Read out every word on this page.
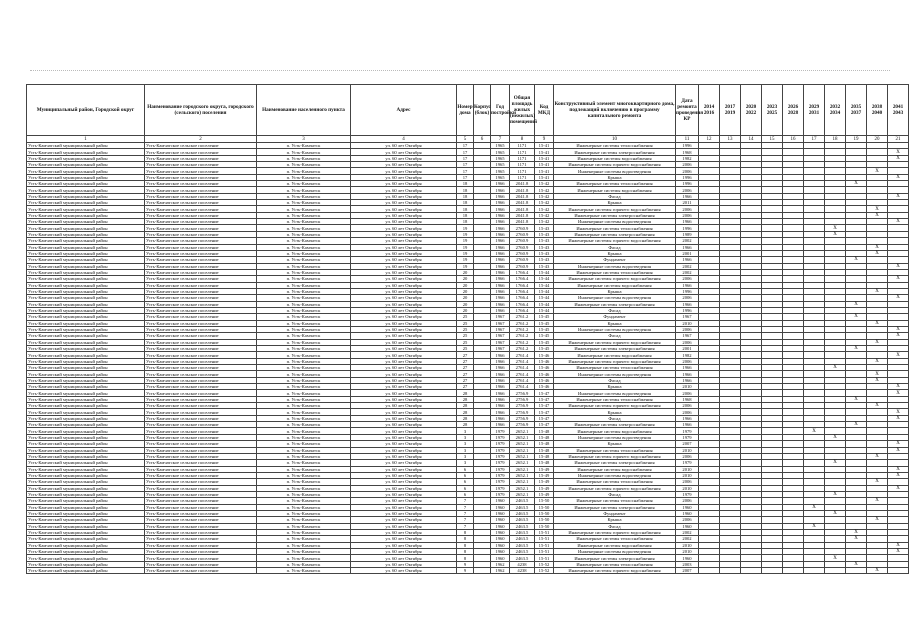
Муниципальный район, Городской округ	Наименование городского округа, городского (сельского) поселения	Наименование населенного пункта	Адрес	Номер дома	Корпус (блок)	Год постройки	Общая площадь жилых (нежилых) помещений	Код МКД	Конструктивный элемент многоквартирного дома, подлежащий включению в программу капитального ремонта	Дата ремонта проведения КР	2014 2016	2017 2019	2020 2022	2023 2025	2026 2028	2029 2031	2032 2034	2035 2037	2038 2040	2041 2043
1	2	3	4	5	6	7	8	9	10	11	12	13	14	15	16	17	18	19	20	21
Усть-Камчатский муниципальный район	Усть-Камчатское сельское поселение	п. Усть-Камчатск	ул. 60 лет Октября	17		1965	1171	15-41	Инженерные системы теплоснабжения	1996										
Усть-Камчатский муниципальный район	Усть-Камчатское сельское поселение	п. Усть-Камчатск	ул. 60 лет Октября	17		1965	1171	15-41	Инженерные системы электроснабжения	1968										X
Усть-Камчатский муниципальный район	Усть-Камчатское сельское поселение	п. Усть-Камчатск	ул. 60 лет Октября	17		1965	1171	15-41	Инженерные системы водоснабжения	1982										X
Усть-Камчатский муниципальный район	Усть-Камчатское сельское поселение	п. Усть-Камчатск	ул. 60 лет Октября	17		1965	1171	15-41	Инженерные системы горячего водоснабжения	2006										
Усть-Камчатский муниципальный район	Усть-Камчатское сельское поселение	п. Усть-Камчатск	ул. 60 лет Октября	17		1965	1171	15-41	Инженерные системы водоотведения	2006									X	
Усть-Камчатский муниципальный район	Усть-Камчатское сельское поселение	п. Усть-Камчатск	ул. 60 лет Октября	17		1965	1171	15-41	Крыша	1996										X
Усть-Камчатский муниципальный район	Усть-Камчатское сельское поселение	п. Усть-Камчатск	ул. 60 лет Октября	18		1966	2041.8	15-42	Инженерные системы теплоснабжения	1996								X		
Усть-Камчатский муниципальный район	Усть-Камчатское сельское поселение	п. Усть-Камчатск	ул. 60 лет Октября	18		1966	2041.8	15-42	Инженерные системы водоснабжения	2006										
Усть-Камчатский муниципальный район	Усть-Камчатское сельское поселение	п. Усть-Камчатск	ул. 60 лет Октября	18		1966	2041.8	15-42	Фасад	1966										X
Усть-Камчатский муниципальный район	Усть-Камчатское сельское поселение	п. Усть-Камчатск	ул. 60 лет Октября	18		1966	2041.8	15-42	Крыша	2011										
Усть-Камчатский муниципальный район	Усть-Камчатское сельское поселение	п. Усть-Камчатск	ул. 60 лет Октября	18		1966	2041.8	15-42	Инженерные системы горячего водоснабжения	2006									X	
Усть-Камчатский муниципальный район	Усть-Камчатское сельское поселение	п. Усть-Камчатск	ул. 60 лет Октября	18		1966	2041.8	15-42	Инженерные системы электроснабжения	2006									X	
Усть-Камчатский муниципальный район	Усть-Камчатское сельское поселение	п. Усть-Камчатск	ул. 60 лет Октября	18		1966	2041.8	15-42	Инженерные системы водоотведения	1966										X
Усть-Камчатский муниципальный район	Усть-Камчатское сельское поселение	п. Усть-Камчатск	ул. 60 лет Октября	19		1966	2760.9	15-43	Инженерные системы теплоснабжения	1996							X			
Усть-Камчатский муниципальный район	Усть-Камчатское сельское поселение	п. Усть-Камчатск	ул. 60 лет Октября	19		1966	2760.9	15-43	Инженерные системы электроснабжения	1989							X			
Усть-Камчатский муниципальный район	Усть-Камчатское сельское поселение	п. Усть-Камчатск	ул. 60 лет Октября	19		1966	2760.9	15-43	Инженерные системы горячего водоснабжения	2002										
Усть-Камчатский муниципальный район	Усть-Камчатское сельское поселение	п. Усть-Камчатск	ул. 60 лет Октября	19		1966	2760.9	15-43	Фасад	1966									X	
Усть-Камчатский муниципальный район	Усть-Камчатское сельское поселение	п. Усть-Камчатск	ул. 60 лет Октября	19		1966	2760.9	15-43	Крыша	2001									X	
Усть-Камчатский муниципальный район	Усть-Камчатское сельское поселение	п. Усть-Камчатск	ул. 60 лет Октября	19		1966	2760.9	15-43	Фундамент	1966								X		
Усть-Камчатский муниципальный район	Усть-Камчатское сельское поселение	п. Усть-Камчатск	ул. 60 лет Октября	19		1966	2760.9	15-43	Инженерные системы водоотведения	2002										X
Усть-Камчатский муниципальный район	Усть-Камчатское сельское поселение	п. Усть-Камчатск	ул. 60 лет Октября	20		1966	1766.4	15-44	Инженерные системы теплоснабжения	2002										
Усть-Камчатский муниципальный район	Усть-Камчатское сельское поселение	п. Усть-Камчатск	ул. 60 лет Октября	20		1966	1766.4	15-44	Инженерные системы горячего водоснабжения	2006										X
Усть-Камчатский муниципальный район	Усть-Камчатское сельское поселение	п. Усть-Камчатск	ул. 60 лет Октября	20		1966	1766.4	15-44	Инженерные системы водоснабжения	1966										
Усть-Камчатский муниципальный район	Усть-Камчатское сельское поселение	п. Усть-Камчатск	ул. 60 лет Октября	20		1966	1766.4	15-44	Крыша	1996									X	
Усть-Камчатский муниципальный район	Усть-Камчатское сельское поселение	п. Усть-Камчатск	ул. 60 лет Октября	20		1966	1766.4	15-44	Инженерные системы водоотведения	2006										X
Усть-Камчатский муниципальный район	Усть-Камчатское сельское поселение	п. Усть-Камчатск	ул. 60 лет Октября	20		1966	1766.4	15-44	Инженерные системы электроснабжения	1966								X		
Усть-Камчатский муниципальный район	Усть-Камчатское сельское поселение	п. Усть-Камчатск	ул. 60 лет Октября	20		1966	1766.4	15-44	Фасад	1996										
Усть-Камчатский муниципальный район	Усть-Камчатское сельское поселение	п. Усть-Камчатск	ул. 60 лет Октября	25		1967	2761.2	15-45	Фундамент	1967								X		
Усть-Камчатский муниципальный район	Усть-Камчатское сельское поселение	п. Усть-Камчатск	ул. 60 лет Октября	25		1967	2761.2	15-45	Крыша	2010									X	
Усть-Камчатский муниципальный район	Усть-Камчатское сельское поселение	п. Усть-Камчатск	ул. 60 лет Октября	25		1967	2761.2	15-45	Инженерные системы водоотведения	2006										X
Усть-Камчатский муниципальный район	Усть-Камчатское сельское поселение	п. Усть-Камчатск	ул. 60 лет Октября	25		1967	2761.2	15-45	Фасад	1967										X
Усть-Камчатский муниципальный район	Усть-Камчатское сельское поселение	п. Усть-Камчатск	ул. 60 лет Октября	25		1967	2761.2	15-45	Инженерные системы горячего водоснабжения	2006									X	
Усть-Камчатский муниципальный район	Усть-Камчатское сельское поселение	п. Усть-Камчатск	ул. 60 лет Октября	25		1967	2761.2	15-45	Инженерные системы электроснабжения	2001								X		
Усть-Камчатский муниципальный район	Усть-Камчатское сельское поселение	п. Усть-Камчатск	ул. 60 лет Октября	27		1966	2761.4	15-46	Инженерные системы водоснабжения	1982										X
Усть-Камчатский муниципальный район	Усть-Камчатское сельское поселение	п. Усть-Камчатск	ул. 60 лет Октября	27		1966	2761.4	15-46	Инженерные системы горячего водоснабжения	2006									X	
Усть-Камчатский муниципальный район	Усть-Камчатское сельское поселение	п. Усть-Камчатск	ул. 60 лет Октября	27		1966	2761.4	15-46	Инженерные системы теплоснабжения	1966							X			
Усть-Камчатский муниципальный район	Усть-Камчатское сельское поселение	п. Усть-Камчатск	ул. 60 лет Октября	27		1966	2761.4	15-46	Инженерные системы водоотведения	1966									X	
Усть-Камчатский муниципальный район	Усть-Камчатское сельское поселение	п. Усть-Камчатск	ул. 60 лет Октября	27		1966	2761.4	15-46	Фасад	1966									X	
Усть-Камчатский муниципальный район	Усть-Камчатское сельское поселение	п. Усть-Камчатск	ул. 60 лет Октября	27		1966	2761.4	15-46	Крыша	2010										X
Усть-Камчатский муниципальный район	Усть-Камчатское сельское поселение	п. Усть-Камчатск	ул. 60 лет Октября	28		1966	2756.9	15-47	Инженерные системы водоотведения	2006										X
Усть-Камчатский муниципальный район	Усть-Камчатское сельское поселение	п. Усть-Камчатск	ул. 60 лет Октября	28		1966	2756.9	15-47	Инженерные системы теплоснабжения	1968								X		
Усть-Камчатский муниципальный район	Усть-Камчатское сельское поселение	п. Усть-Камчатск	ул. 60 лет Октября	28		1966	2756.9	15-47	Инженерные системы горячего водоснабжения	2006									X	
Усть-Камчатский муниципальный район	Усть-Камчатское сельское поселение	п. Усть-Камчатск	ул. 60 лет Октября	28		1966	2756.9	15-47	Крыша	2006										X
Усть-Камчатский муниципальный район	Усть-Камчатское сельское поселение	п. Усть-Камчатск	ул. 60 лет Октября	28		1966	2756.9	15-47	Фасад	1966										X
Усть-Камчатский муниципальный район	Усть-Камчатское сельское поселение	п. Усть-Камчатск	ул. 60 лет Октября	28		1966	2756.9	15-47	Инженерные системы электроснабжения	1966								X		
Усть-Камчатский муниципальный район	Усть-Камчатское сельское поселение	п. Усть-Камчатск	ул. 60 лет Октября	3		1979	2652.1	15-48	Инженерные системы водоснабжения	1979						X				
Усть-Камчатский муниципальный район	Усть-Камчатское сельское поселение	п. Усть-Камчатск	ул. 60 лет Октября	3		1979	2652.1	15-48	Инженерные системы водоотведения	1979							X			
Усть-Камчатский муниципальный район	Усть-Камчатское сельское поселение	п. Усть-Камчатск	ул. 60 лет Октября	3		1979	2652.1	15-48	Крыша	2007										X
Усть-Камчатский муниципальный район	Усть-Камчатское сельское поселение	п. Усть-Камчатск	ул. 60 лет Октября	3		1979	2652.1	15-48	Инженерные системы теплоснабжения	2010										X
Усть-Камчатский муниципальный район	Усть-Камчатское сельское поселение	п. Усть-Камчатск	ул. 60 лет Октября	3		1979	2652.1	15-48	Инженерные системы горячего водоснабжения	2006									X	
Усть-Камчатский муниципальный район	Усть-Камчатское сельское поселение	п. Усть-Камчатск	ул. 60 лет Октября	3		1979	2652.1	15-48	Инженерные системы электроснабжения	1979							X			
Усть-Камчатский муниципальный район	Усть-Камчатское сельское поселение	п. Усть-Камчатск	ул. 60 лет Октября	6		1979	2652.1	15-49	Инженерные системы водоснабжения	2010										X
Усть-Камчатский муниципальный район	Усть-Камчатское сельское поселение	п. Усть-Камчатск	ул. 60 лет Октября	6		1979	2652.1	15-49	Инженерные системы водоотведения	2010										X
Усть-Камчатский муниципальный район	Усть-Камчатское сельское поселение	п. Усть-Камчатск	ул. 60 лет Октября	6		1979	2652.1	15-49	Инженерные системы теплоснабжения	2006									X	
Усть-Камчатский муниципальный район	Усть-Камчатское сельское поселение	п. Усть-Камчатск	ул. 60 лет Октября	6		1979	2652.1	15-49	Инженерные системы горячего водоснабжения	2010										X
Усть-Камчатский муниципальный район	Усть-Камчатское сельское поселение	п. Усть-Камчатск	ул. 60 лет Октября	6		1979	2652.1	15-49	Фасад	1979							X			
Усть-Камчатский муниципальный район	Усть-Камчатское сельское поселение	п. Усть-Камчатск	ул. 60 лет Октября	7		1960	2463.5	15-50	Инженерные системы теплоснабжения	2006									X	
Усть-Камчатский муниципальный район	Усть-Камчатское сельское поселение	п. Усть-Камчатск	ул. 60 лет Октября	7		1960	2463.5	15-50	Инженерные системы электроснабжения	1960						X				
Усть-Камчатский муниципальный район	Усть-Камчатское сельское поселение	п. Усть-Камчатск	ул. 60 лет Октября	7		1960	2463.5	15-50	Фундамент	1960							X			
Усть-Камчатский муниципальный район	Усть-Камчатское сельское поселение	п. Усть-Камчатск	ул. 60 лет Октября	7		1960	2463.5	15-50	Крыша	2006									X	
Усть-Камчатский муниципальный район	Усть-Камчатское сельское поселение	п. Усть-Камчатск	ул. 60 лет Октября	7		1960	2463.5	15-50	Фасад	1960						X				
Усть-Камчатский муниципальный район	Усть-Камчатское сельское поселение	п. Усть-Камчатск	ул. 60 лет Октября	8		1960	2463.5	15-51	Инженерные системы горячего водоснабжения	2002								X		
Усть-Камчатский муниципальный район	Усть-Камчатское сельское поселение	п. Усть-Камчатск	ул. 60 лет Октября	8		1960	2463.5	15-51	Инженерные системы теплоснабжения	2002								X		
Усть-Камчатский муниципальный район	Усть-Камчатское сельское поселение	п. Усть-Камчатск	ул. 60 лет Октября	8		1960	2463.5	15-51	Инженерные системы водоснабжения	2010										X
Усть-Камчатский муниципальный район	Усть-Камчатское сельское поселение	п. Усть-Камчатск	ул. 60 лет Октября	8		1960	2463.5	15-51	Инженерные системы водоотведения	2010										X
Усть-Камчатский муниципальный район	Усть-Камчатское сельское поселение	п. Усть-Камчатск	ул. 60 лет Октября	8		1960	2463.5	15-51	Инженерные системы электроснабжения	1960							X			
Усть-Камчатский муниципальный район	Усть-Камчатское сельское поселение	п. Усть-Камчатск	ул. 60 лет Октября	9		1962	4238	15-52	Инженерные системы теплоснабжения	2003								X		
Усть-Камчатский муниципальный район	Усть-Камчатское сельское поселение	п. Усть-Камчатск	ул. 60 лет Октября	9		1962	4238	15-52	Инженерные системы горячего водоснабжения	2007									X	
